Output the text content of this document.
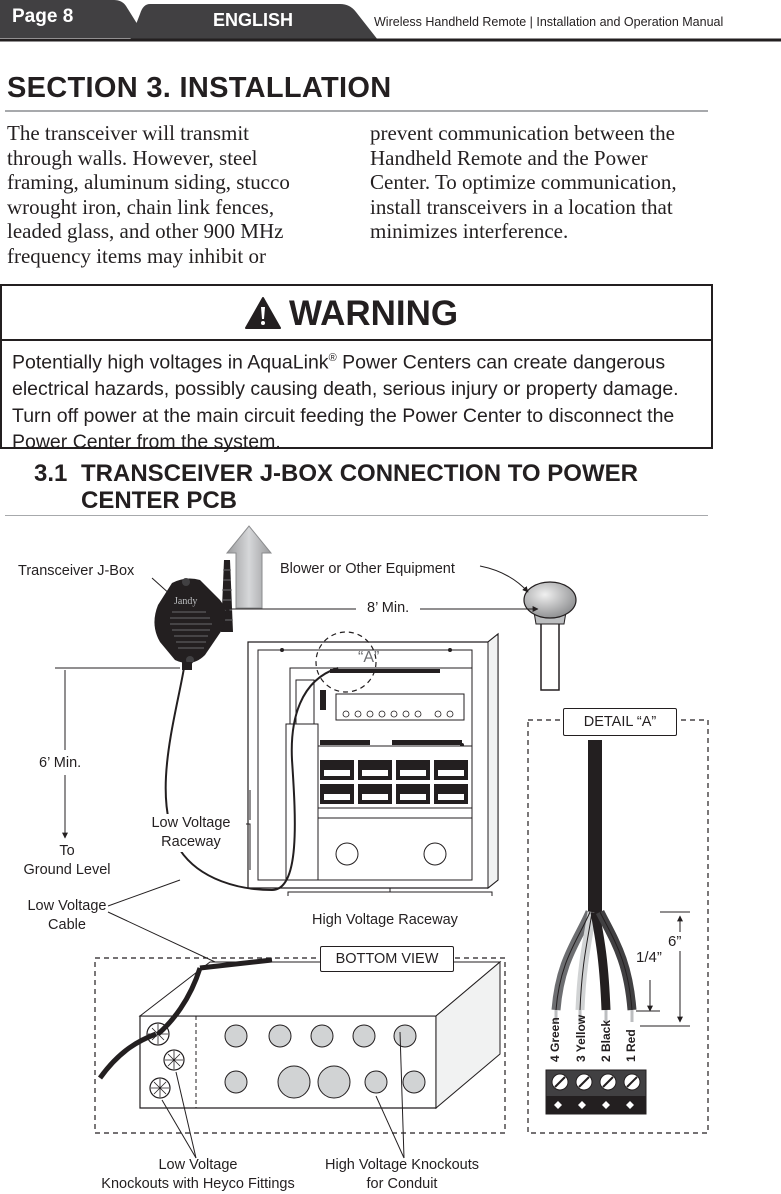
Page 8	ENGLISH	Wireless Handheld Remote | Installation and Operation Manual
SECTION 3. INSTALLATION
The transceiver will transmit
through walls. However, steel
framing, aluminum siding, stucco
wrought iron, chain link fences,
leaded glass, and other 900 MHz
frequency items may inhibit or
prevent communication between the
Handheld Remote and the Power
Center. To optimize communication,
install transceivers in a location that
minimizes interference.
WARNING
Potentially high voltages in AquaLink® Power Centers can create dangerous electrical hazards, possibly causing death, serious injury or property damage. Turn off power at the main circuit feeding the Power Center to disconnect the Power Center from the system.
3.1 TRANSCEIVER J-BOX CONNECTION TO POWER
CENTER PCB
Jandy
Transceiver J-Box	Blower or Other Equipment
8’ Min.
“A”
6’ Min.
To
Ground Level
Low Voltage
Raceway
Low Voltage
Cable	High Voltage Raceway
BOTTOM VIEW
DETAIL “A”
6”
1/4”
4 Green 3 Yellow 2 Black 1 Red
Low Voltage
Knockouts with Heyco Fittings
High Voltage Knockouts
for Conduit
